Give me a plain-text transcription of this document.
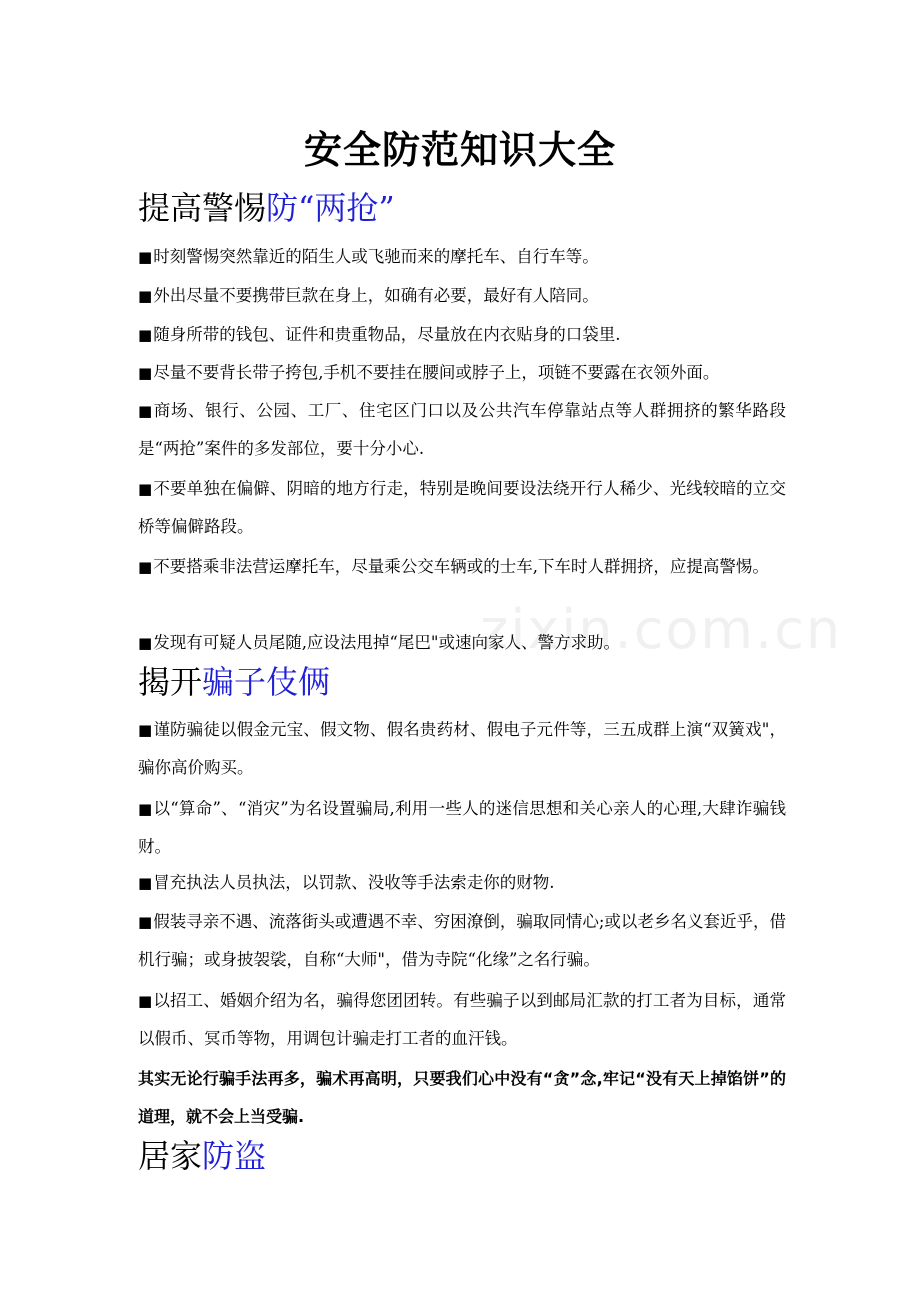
zixin.com.cn
安全防范知识大全
提高警惕防“两抢”
■时刻警惕突然靠近的陌生人或飞驰而来的摩托车、自行车等。
■外出尽量不要携带巨款在身上，如确有必要，最好有人陪同。
■随身所带的钱包、证件和贵重物品，尽量放在内衣贴身的口袋里.
■尽量不要背长带子挎包,手机不要挂在腰间或脖子上，项链不要露在衣领外面。
■商场、银行、公园、工厂、住宅区门口以及公共汽车停靠站点等人群拥挤的繁华路段是“两抢”案件的多发部位，要十分小心.
■不要单独在偏僻、阴暗的地方行走，特别是晚间要设法绕开行人稀少、光线较暗的立交桥等偏僻路段。
■不要搭乘非法营运摩托车，尽量乘公交车辆或的士车,下车时人群拥挤，应提高警惕。
■发现有可疑人员尾随,应设法甩掉“尾巴"或速向家人、警方求助。
揭开骗子伎俩
■谨防骗徒以假金元宝、假文物、假名贵药材、假电子元件等，三五成群上演“双簧戏"，骗你高价购买。
■以“算命”、“消灾”为名设置骗局,利用一些人的迷信思想和关心亲人的心理,大肆诈骗钱财。
■冒充执法人员执法，以罚款、没收等手法索走你的财物.
■假装寻亲不遇、流落街头或遭遇不幸、穷困潦倒，骗取同情心;或以老乡名义套近乎，借机行骗；或身披袈裟，自称“大师"，借为寺院“化缘”之名行骗。
■以招工、婚姻介绍为名，骗得您团团转。有些骗子以到邮局汇款的打工者为目标，通常以假币、冥币等物，用调包计骗走打工者的血汗钱。
其实无论行骗手法再多，骗术再高明，只要我们心中没有“贪”念,牢记“没有天上掉馅饼”的道理，就不会上当受骗.
居家防盗
